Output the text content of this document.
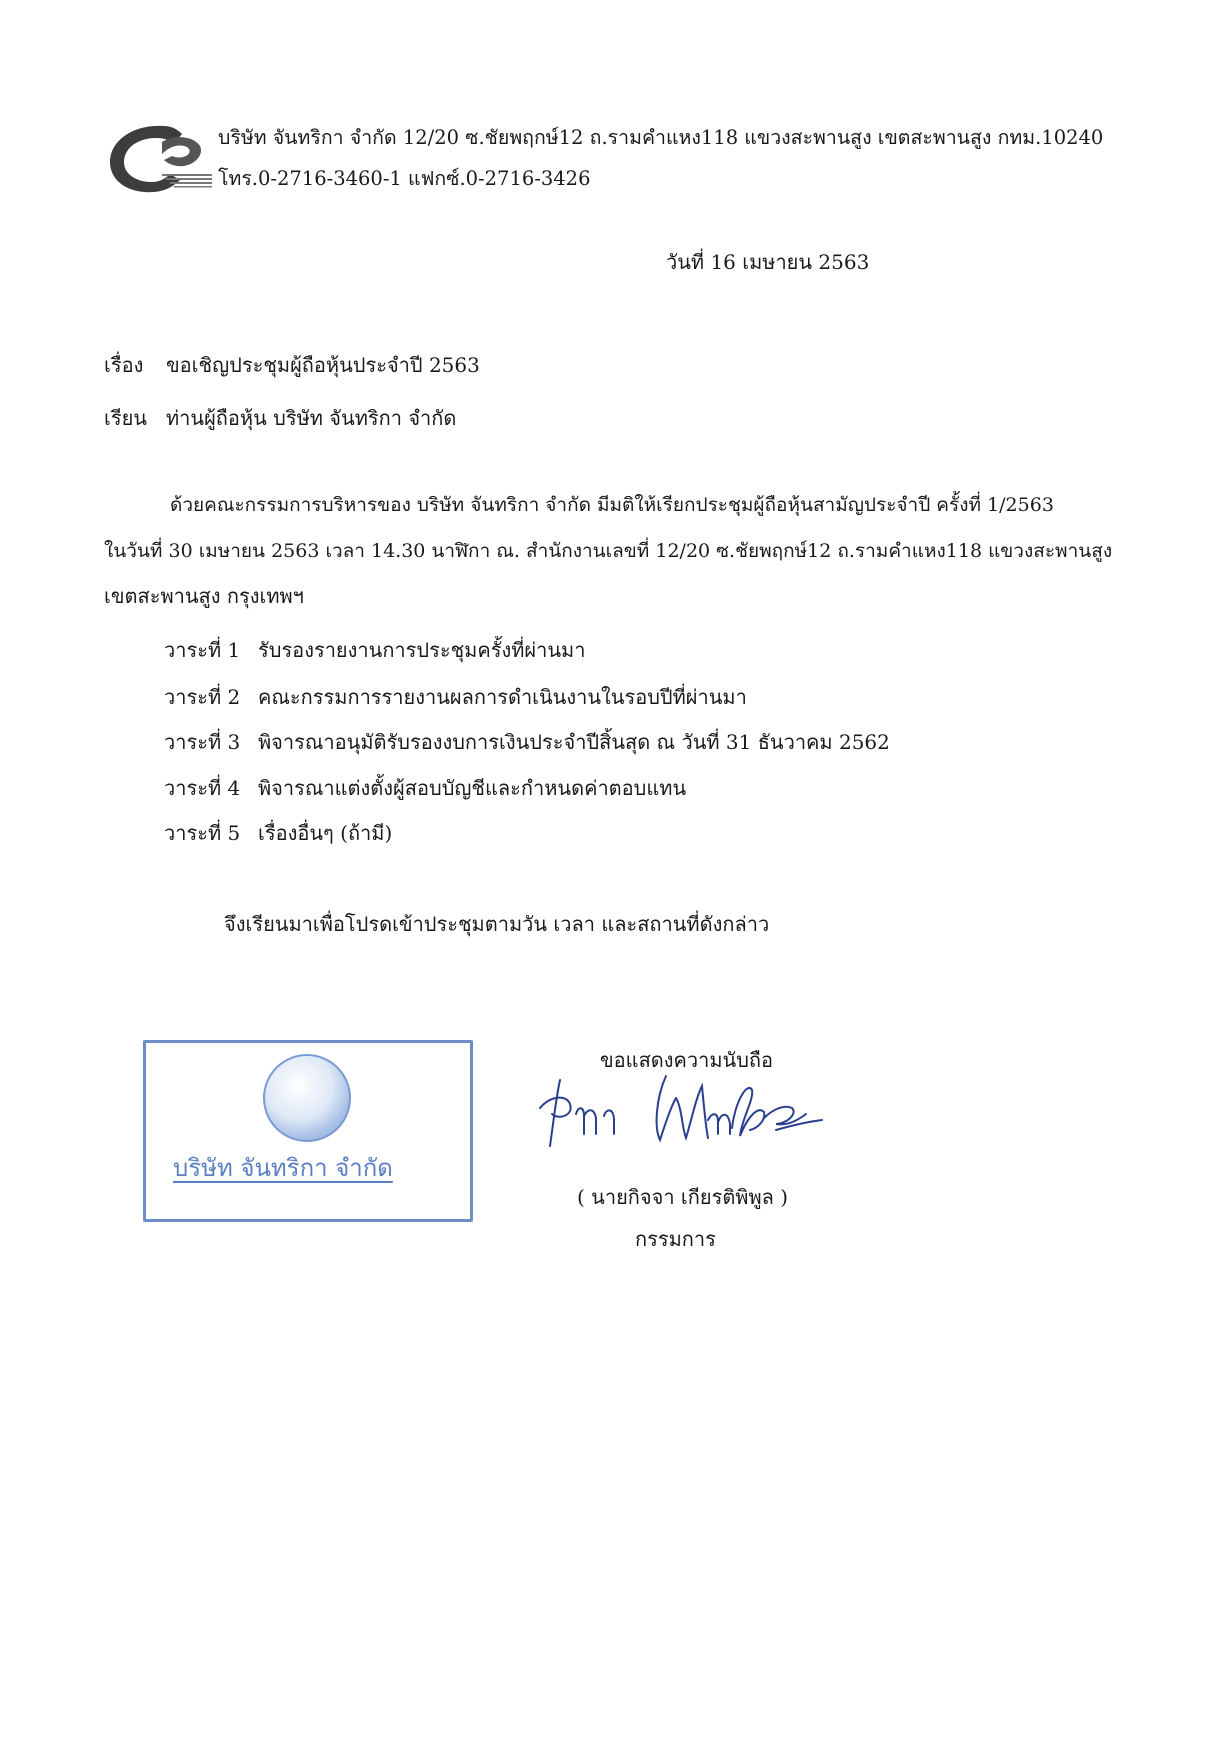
บริษัท จันทริกา จำกัด 12/20 ซ.ชัยพฤกษ์12 ถ.รามคำแหง118 แขวงสะพานสูง เขตสะพานสูง กทม.10240
โทร.0-2716-3460-1 แฟกซ์.0-2716-3426
วันที่ 16 เมษายน 2563
เรื่อง ขอเชิญประชุมผู้ถือหุ้นประจำปี 2563
เรียน ท่านผู้ถือหุ้น บริษัท จันทริกา จำกัด
ด้วยคณะกรรมการบริหารของ บริษัท จันทริกา จำกัด มีมติให้เรียกประชุมผู้ถือหุ้นสามัญประจำปี ครั้งที่ 1/2563
ในวันที่ 30 เมษายน 2563 เวลา 14.30 นาฬิกา ณ. สำนักงานเลขที่ 12/20 ซ.ชัยพฤกษ์12 ถ.รามคำแหง118 แขวงสะพานสูง
เขตสะพานสูง กรุงเทพฯ
วาระที่ 1 รับรองรายงานการประชุมครั้งที่ผ่านมา
วาระที่ 2 คณะกรรมการรายงานผลการดำเนินงานในรอบปีที่ผ่านมา
วาระที่ 3 พิจารณาอนุมัติรับรองงบการเงินประจำปีสิ้นสุด ณ วันที่ 31 ธันวาคม 2562
วาระที่ 4 พิจารณาแต่งตั้งผู้สอบบัญชีและกำหนดค่าตอบแทน
วาระที่ 5 เรื่องอื่นๆ (ถ้ามี)
จึงเรียนมาเพื่อโปรดเข้าประชุมตามวัน เวลา และสถานที่ดังกล่าว
บริษัท จันทริกา จำกัด
ขอแสดงความนับถือ
( นายกิจจา เกียรติพิพูล )
กรรมการ
